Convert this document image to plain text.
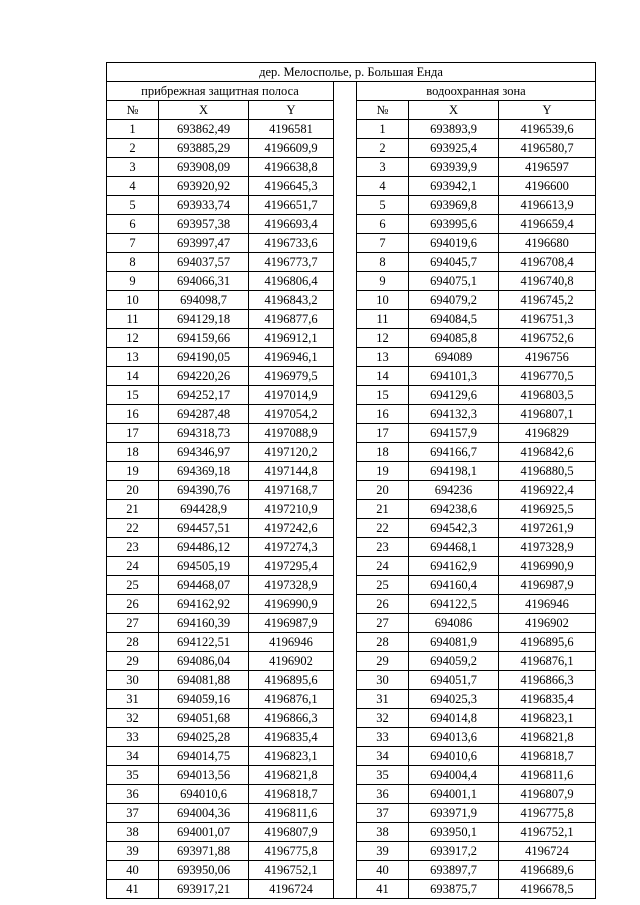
дер. Мелосполье, р. Большая Енда						
прибрежная защитная полоса				водоохранная зона		
№	X	Y		№	X	Y
1	693862,49	4196581		1	693893,9	4196539,6
2	693885,29	4196609,9		2	693925,4	4196580,7
3	693908,09	4196638,8		3	693939,9	4196597
4	693920,92	4196645,3		4	693942,1	4196600
5	693933,74	4196651,7		5	693969,8	4196613,9
6	693957,38	4196693,4		6	693995,6	4196659,4
7	693997,47	4196733,6		7	694019,6	4196680
8	694037,57	4196773,7		8	694045,7	4196708,4
9	694066,31	4196806,4		9	694075,1	4196740,8
10	694098,7	4196843,2		10	694079,2	4196745,2
11	694129,18	4196877,6		11	694084,5	4196751,3
12	694159,66	4196912,1		12	694085,8	4196752,6
13	694190,05	4196946,1		13	694089	4196756
14	694220,26	4196979,5		14	694101,3	4196770,5
15	694252,17	4197014,9		15	694129,6	4196803,5
16	694287,48	4197054,2		16	694132,3	4196807,1
17	694318,73	4197088,9		17	694157,9	4196829
18	694346,97	4197120,2		18	694166,7	4196842,6
19	694369,18	4197144,8		19	694198,1	4196880,5
20	694390,76	4197168,7		20	694236	4196922,4
21	694428,9	4197210,9		21	694238,6	4196925,5
22	694457,51	4197242,6		22	694542,3	4197261,9
23	694486,12	4197274,3		23	694468,1	4197328,9
24	694505,19	4197295,4		24	694162,9	4196990,9
25	694468,07	4197328,9		25	694160,4	4196987,9
26	694162,92	4196990,9		26	694122,5	4196946
27	694160,39	4196987,9		27	694086	4196902
28	694122,51	4196946		28	694081,9	4196895,6
29	694086,04	4196902		29	694059,2	4196876,1
30	694081,88	4196895,6		30	694051,7	4196866,3
31	694059,16	4196876,1		31	694025,3	4196835,4
32	694051,68	4196866,3		32	694014,8	4196823,1
33	694025,28	4196835,4		33	694013,6	4196821,8
34	694014,75	4196823,1		34	694010,6	4196818,7
35	694013,56	4196821,8		35	694004,4	4196811,6
36	694010,6	4196818,7		36	694001,1	4196807,9
37	694004,36	4196811,6		37	693971,9	4196775,8
38	694001,07	4196807,9		38	693950,1	4196752,1
39	693971,88	4196775,8		39	693917,2	4196724
40	693950,06	4196752,1		40	693897,7	4196689,6
41	693917,21	4196724		41	693875,7	4196678,5
